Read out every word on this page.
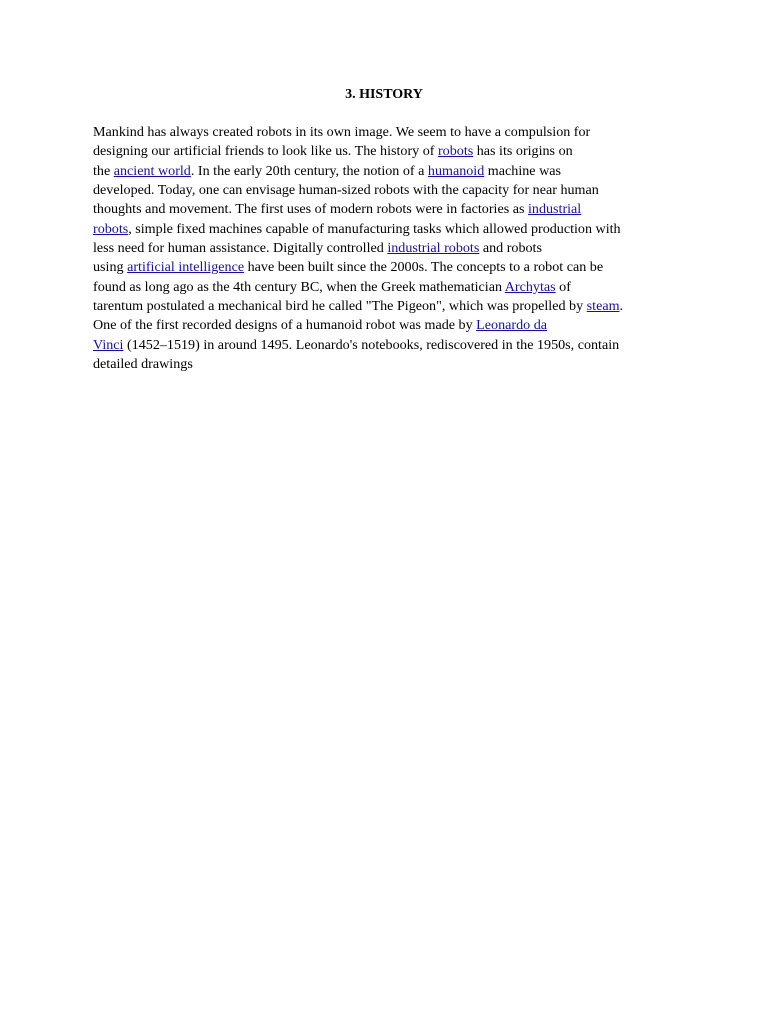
3. HISTORY
Mankind has always created robots in its own image. We seem to have a compulsion for
designing our artificial friends to look like us. The history of robots has its origins on
the ancient world. In the early 20th century, the notion of a humanoid machine was
developed. Today, one can envisage human-sized robots with the capacity for near human
thoughts and movement. The first uses of modern robots were in factories as industrial
robots, simple fixed machines capable of manufacturing tasks which allowed production with
less need for human assistance. Digitally controlled industrial robots and robots
using artificial intelligence have been built since the 2000s. The concepts to a robot can be
found as long ago as the 4th century BC, when the Greek mathematician Archytas of
tarentum postulated a mechanical bird he called "The Pigeon", which was propelled by steam.
One of the first recorded designs of a humanoid robot was made by Leonardo da
Vinci (1452–1519) in around 1495. Leonardo's notebooks, rediscovered in the 1950s, contain
detailed drawings
